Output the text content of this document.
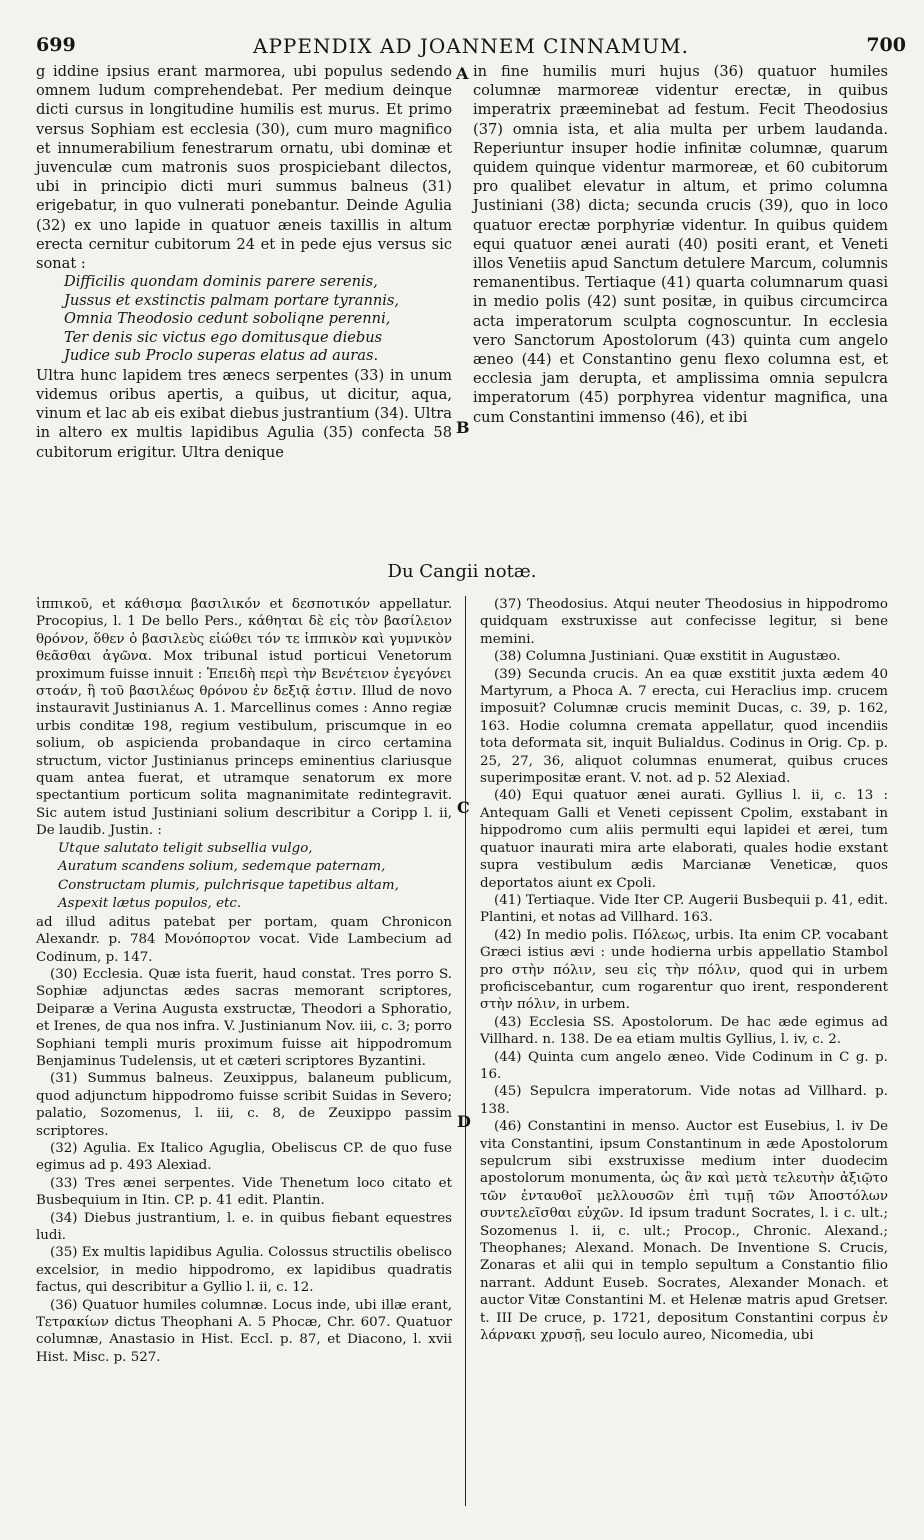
699	APPENDIX AD JOANNEM CINNAMUM.	700

g iddine ipsius erant marmorea, ubi populus sedendo omnem ludum comprehendebat. Per medium deinque dicti cursus in longitudine humilis est murus. Et primo versus Sophiam est ecclesia (30), cum muro magnifico et innumerabilium fenestrarum ornatu, ubi dominæ et juvenculæ cum matronis suos prospiciebant dilectos, ubi in principio dicti muri summus balneus (31) erigebatur, in quo vulnerati ponebantur. Deinde Agulia (32) ex uno lapide in quatuor æneis taxillis in altum erecta cernitur cubitorum 24 et in pede ejus versus sic sonat :

Difficilis quondam dominis parere serenis,
Jussus et exstinctis palmam portare tyrannis,
Omnia Theodosio cedunt soboliqne perenni,
Ter denis sic victus ego domitusque diebus
Judice sub Proclo superas elatus ad auras.

Ultra hunc lapidem tres ænecs serpentes (33) in unum videmus oribus apertis, a quibus, ut dicitur, aqua, vinum et lac ab eis exibat diebus justrantium (34). Ultra in altero ex multis lapidibus Agulia (35) confecta 58 cubitorum erigitur. Ultra denique

A
B

in fine humilis muri hujus (36) quatuor humiles columnæ marmoreæ videntur erectæ, in quibus imperatrix præeminebat ad festum. Fecit Theodosius (37) omnia ista, et alia multa per urbem laudanda. Reperiuntur insuper hodie infinitæ columnæ, quarum quidem quinque videntur marmoreæ, et 60 cubitorum pro qualibet elevatur in altum, et primo columna Justiniani (38) dicta; secunda crucis (39), quo in loco quatuor erectæ porphyriæ videntur. In quibus quidem equi quatuor ænei aurati (40) positi erant, et Veneti illos Venetiis apud Sanctum detulere Marcum, columnis remanentibus. Tertiaque (41) quarta columnarum quasi in medio polis (42) sunt positæ, in quibus circumcirca acta imperatorum sculpta cognoscuntur. In ecclesia vero Sanctorum Apostolorum (43) quinta cum angelo æneo (44) et Constantino genu flexo columna est, et ecclesia jam derupta, et amplissima omnia sepulcra imperatorum (45) porphyrea videntur magnifica, una cum Constantini immenso (46), et ibi

Du Cangii notæ.

ἱππικοῦ, et κάθισμα βασιλικόν et δεσποτικόν appellatur. Procopius, l. 1 De bello Pers., κάθηται δὲ εἰς τὸν βασίλειον θρόνον, ὅθεν ὁ βασιλεὺς εἰώθει τόν τε ἱππικὸν καὶ γυμνικὸν θεᾶσθαι ἀγῶνα. Mox tribunal istud porticui Venetorum proximum fuisse innuit : Ἐπειδὴ περὶ τὴν Βενέτειον ἐγεγόνει στοάν, ἣ τοῦ βασιλέως θρόνου ἐν δεξιᾷ ἐστιν. Illud de novo instauravit Justinianus A. 1. Marcellinus comes : Anno regiæ urbis conditæ 198, regium vestibulum, priscumque in eo solium, ob aspicienda probandaque in circo certamina structum, victor Justinianus princeps eminentius clariusque quam antea fuerat, et utramque senatorum ex more spectantium porticum solita magnanimitate redintegravit. Sic autem istud Justiniani solium describitur a Coripp l. ii, De laudib. Justin. :

Utque salutato teligit subsellia vulgo,
Auratum scandens solium, sedemque paternam,
Constructam plumis, pulchrisque tapetibus altam,
Aspexit lætus populos, etc.

ad illud aditus patebat per portam, quam Chronicon Alexandr. p. 784 Μονόπορτον vocat. Vide Lambecium ad Codinum, p. 147.

(30) Ecclesia. Quæ ista fuerit, haud constat. Tres porro S. Sophiæ adjunctas ædes sacras memorant scriptores, Deiparæ a Verina Augusta exstructæ, Theodori a Sphoratio, et Irenes, de qua nos infra. V. Justinianum Nov. iii, c. 3; porro Sophiani templi muris proximum fuisse ait hippodromum Benjaminus Tudelensis, ut et cæteri scriptores Byzantini.

(31) Summus balneus. Zeuxippus, balaneum publicum, quod adjunctum hippodromo fuisse scribit Suidas in Severo; palatio, Sozomenus, l. iii, c. 8, de Zeuxippo passim scriptores.

(32) Agulia. Ex Italico Aguglia, Obeliscus CP. de quo fuse egimus ad p. 493 Alexiad.

(33) Tres ænei serpentes. Vide Thenetum loco citato et Busbequium in Itin. CP. p. 41 edit. Plantin.

(34) Diebus justrantium, l. e. in quibus fiebant equestres ludi.

(35) Ex multis lapidibus Agulia. Colossus structilis obelisco excelsior, in medio hippodromo, ex lapidibus quadratis factus, qui describitur a Gyllio l. ii, c. 12.

(36) Quatuor humiles columnæ. Locus inde, ubi illæ erant, Τετρακίων dictus Theophani A. 5 Phocæ, Chr. 607. Quatuor columnæ, Anastasio in Hist. Eccl. p. 87, et Diacono, l. xvii Hist. Misc. p. 527.

C
D

(37) Theodosius. Atqui neuter Theodosius in hippodromo quidquam exstruxisse aut confecisse legitur, si bene memini.

(38) Columna Justiniani. Quæ exstitit in Augustæo.

(39) Secunda crucis. An ea quæ exstitit juxta ædem 40 Martyrum, a Phoca A. 7 erecta, cui Heraclius imp. crucem imposuit? Columnæ crucis meminit Ducas, c. 39, p. 162, 163. Hodie columna cremata appellatur, quod incendiis tota deformata sit, inquit Bulialdus. Codinus in Orig. Cp. p. 25, 27, 36, aliquot columnas enumerat, quibus cruces superimpositæ erant. V. not. ad p. 52 Alexiad.

(40) Equi quatuor ænei aurati. Gyllius l. ii, c. 13 : Antequam Galli et Veneti cepissent Cpolim, exstabant in hippodromo cum aliis permulti equi lapidei et ærei, tum quatuor inaurati mira arte elaborati, quales hodie exstant supra vestibulum ædis Marcianæ Veneticæ, quos deportatos aiunt ex Cpoli.

(41) Tertiaque. Vide Iter CP. Augerii Busbequii p. 41, edit. Plantini, et notas ad Villhard. 163.

(42) In medio polis. Πόλεως, urbis. Ita enim CP. vocabant Græci istius ævi : unde hodierna urbis appellatio Stambol pro στὴν πόλιν, seu εἰς τὴν πόλιν, quod qui in urbem proficiscebantur, cum rogarentur quo irent, responderent στὴν πόλιν, in urbem.

(43) Ecclesia SS. Apostolorum. De hac æde egimus ad Villhard. n. 138. De ea etiam multis Gyllius, l. iv, c. 2.

(44) Quinta cum angelo æneo. Vide Codinum in C g. p. 16.

(45) Sepulcra imperatorum. Vide notas ad Villhard. p. 138.

(46) Constantini in menso. Auctor est Eusebius, l. iv De vita Constantini, ipsum Constantinum in æde Apostolorum sepulcrum sibi exstruxisse medium inter duodecim apostolorum monumenta, ὡς ἂν καὶ μετὰ τελευτὴν ἀξιῷτο τῶν ἐνταυθοῖ μελλουσῶν ἐπὶ τιμῇ τῶν Ἀποστόλων συντελεῖσθαι εὐχῶν. Id ipsum tradunt Socrates, l. i c. ult.; Sozomenus l. ii, c. ult.; Procop., Chronic. Alexand.; Theophanes; Alexand. Monach. De Inventione S. Crucis, Zonaras et alii qui in templo sepultum a Constantio filio narrant. Addunt Euseb. Socrates, Alexander Monach. et auctor Vitæ Constantini M. et Helenæ matris apud Gretser. t. III De cruce, p. 1721, depositum Constantini corpus ἐν λάρνακι χρυσῇ, seu loculo aureo, Nicomedia, ubi
